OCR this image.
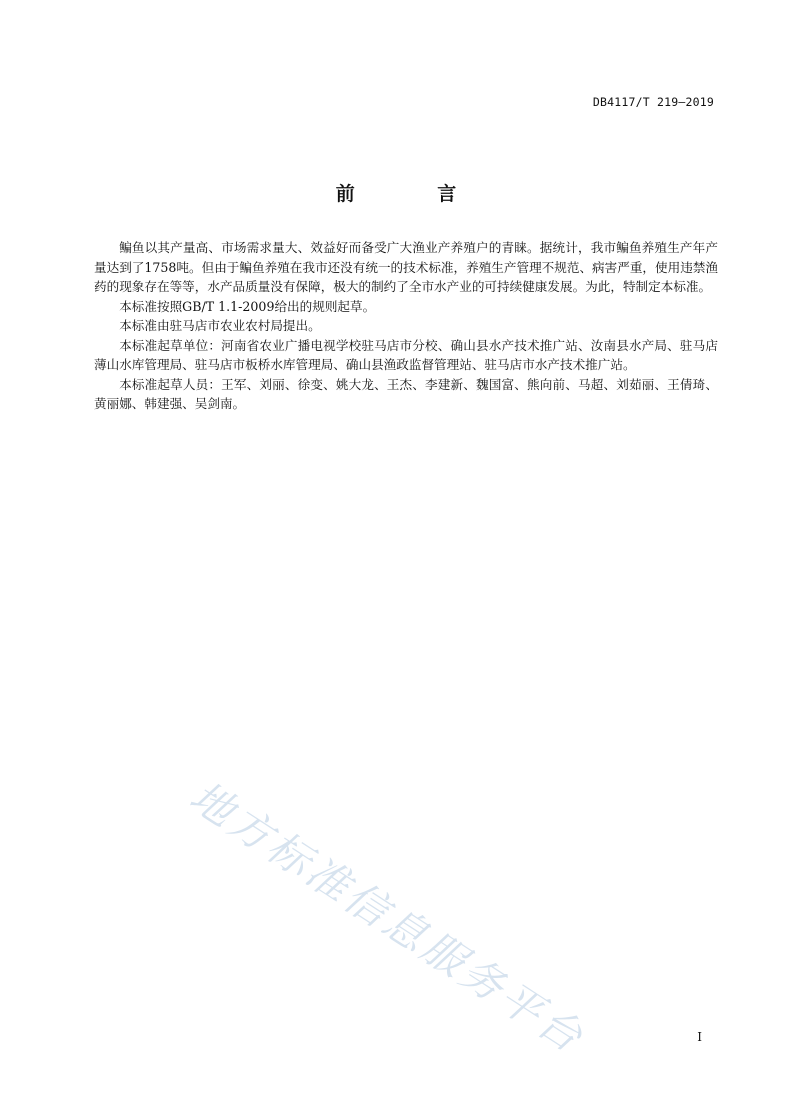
DB4117/T 219—2019
前 言

鳊鱼以其产量高、市场需求量大、效益好而备受广大渔业产养殖户的青睐。据统计，我市鳊鱼养殖生产年产量达到了1758吨。但由于鳊鱼养殖在我市还没有统一的技术标准，养殖生产管理不规范、病害严重，使用违禁渔药的现象存在等等，水产品质量没有保障，极大的制约了全市水产业的可持续健康发展。为此，特制定本标准。

本标准按照GB/T 1.1-2009给出的规则起草。

本标准由驻马店市农业农村局提出。

本标准起草单位：河南省农业广播电视学校驻马店市分校、确山县水产技术推广站、汝南县水产局、驻马店薄山水库管理局、驻马店市板桥水库管理局、确山县渔政监督管理站、驻马店市水产技术推广站。

本标准起草人员：王军、刘丽、徐变、姚大龙、王杰、李建新、魏国富、熊向前、马超、刘茹丽、王倩琦、黄丽娜、韩建强、吴剑南。

地方标准信息服务平台	I
